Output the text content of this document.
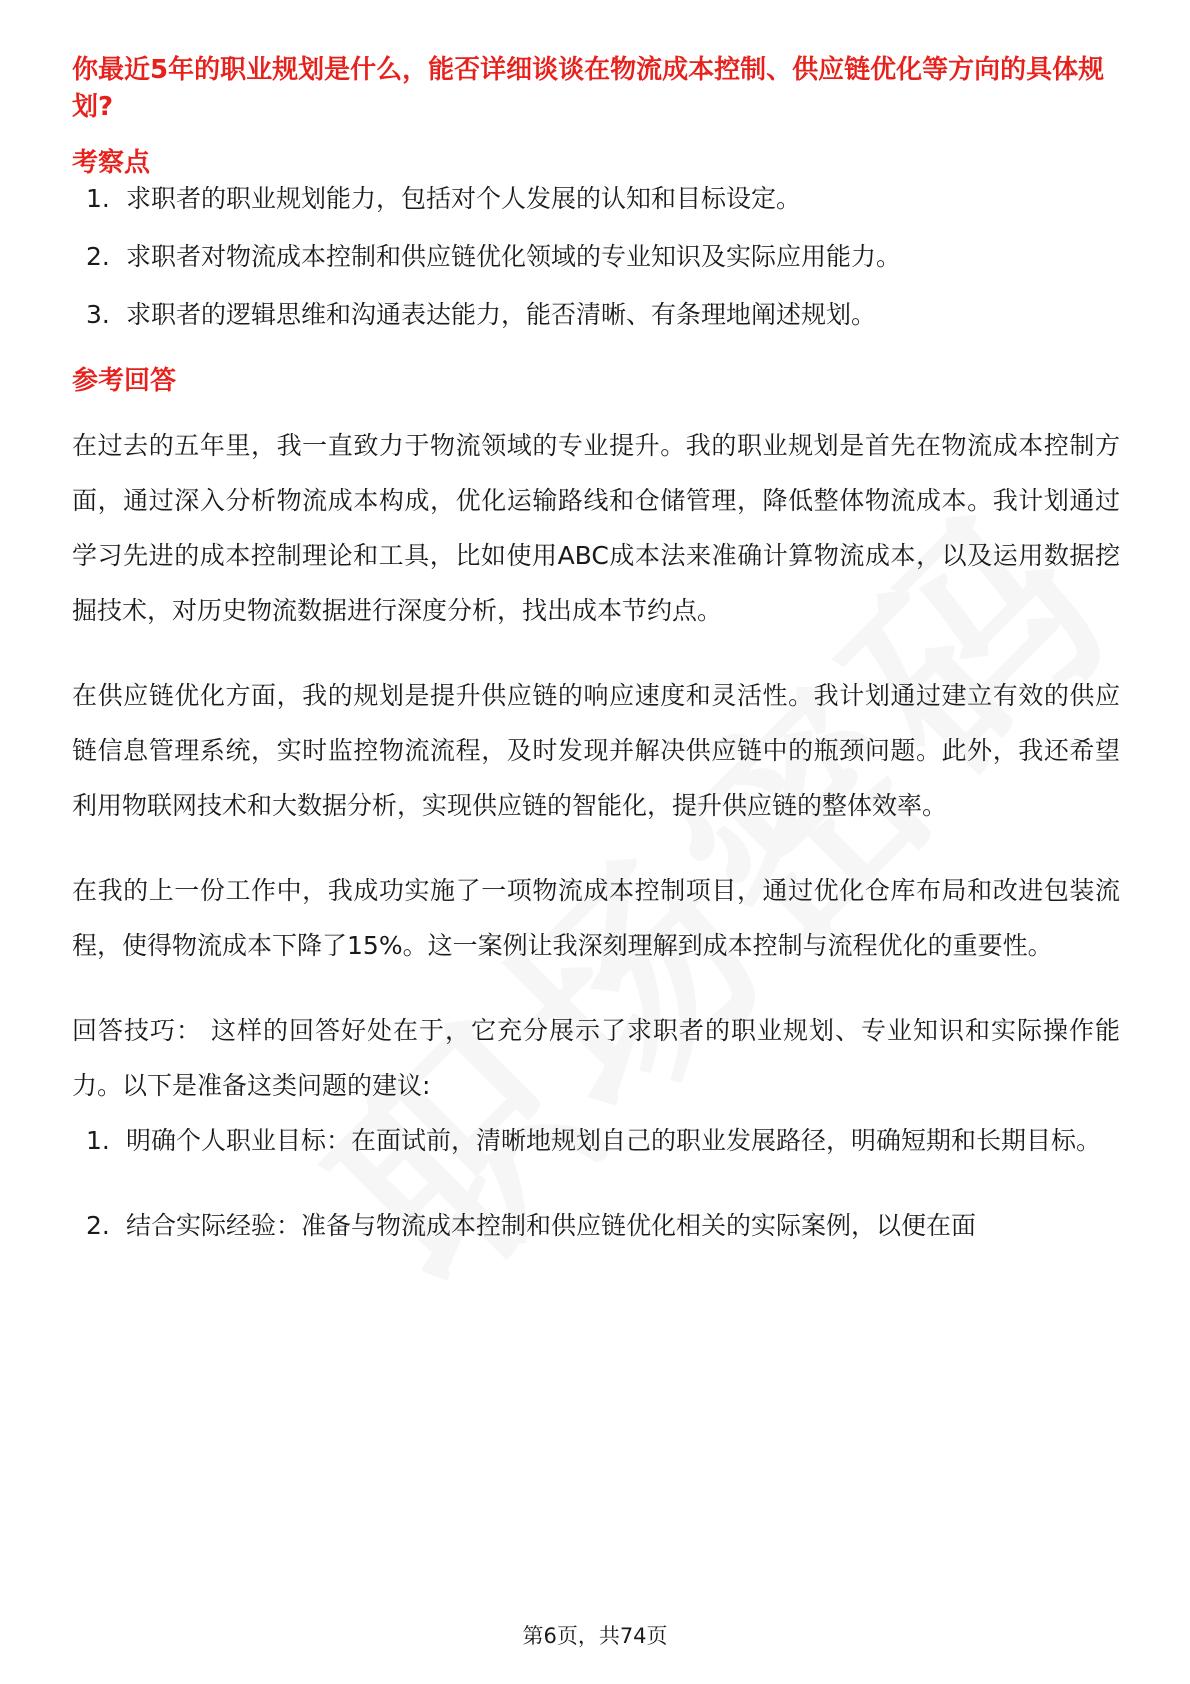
你最近5年的职业规划是什么，能否详细谈谈在物流成本控制、供应链优化等方向的具体规划?
考察点
1. 求职者的职业规划能力，包括对个人发展的认知和目标设定。
2. 求职者对物流成本控制和供应链优化领域的专业知识及实际应用能力。
3. 求职者的逻辑思维和沟通表达能力，能否清晰、有条理地阐述规划。
参考回答

在过去的五年里，我一直致力于物流领域的专业提升。我的职业规划是首先在物流成本控制方面，通过深入分析物流成本构成，优化运输路线和仓储管理，降低整体物流成本。我计划通过学习先进的成本控制理论和工具，比如使用ABC成本法来准确计算物流成本，以及运用数据挖掘技术，对历史物流数据进行深度分析，找出成本节约点。

在供应链优化方面，我的规划是提升供应链的响应速度和灵活性。我计划通过建立有效的供应链信息管理系统，实时监控物流流程，及时发现并解决供应链中的瓶颈问题。此外，我还希望利用物联网技术和大数据分析，实现供应链的智能化，提升供应链的整体效率。

在我的上一份工作中，我成功实施了一项物流成本控制项目，通过优化仓库布局和改进包装流程，使得物流成本下降了15%。这一案例让我深刻理解到成本控制与流程优化的重要性。

回答技巧： 这样的回答好处在于，它充分展示了求职者的职业规划、专业知识和实际操作能力。以下是准备这类问题的建议:

1. 明确个人职业目标：在面试前，清晰地规划自己的职业发展路径，明确短期和长期目标。
2. 结合实际经验：准备与物流成本控制和供应链优化相关的实际案例，以便在面
第6页，共74页
